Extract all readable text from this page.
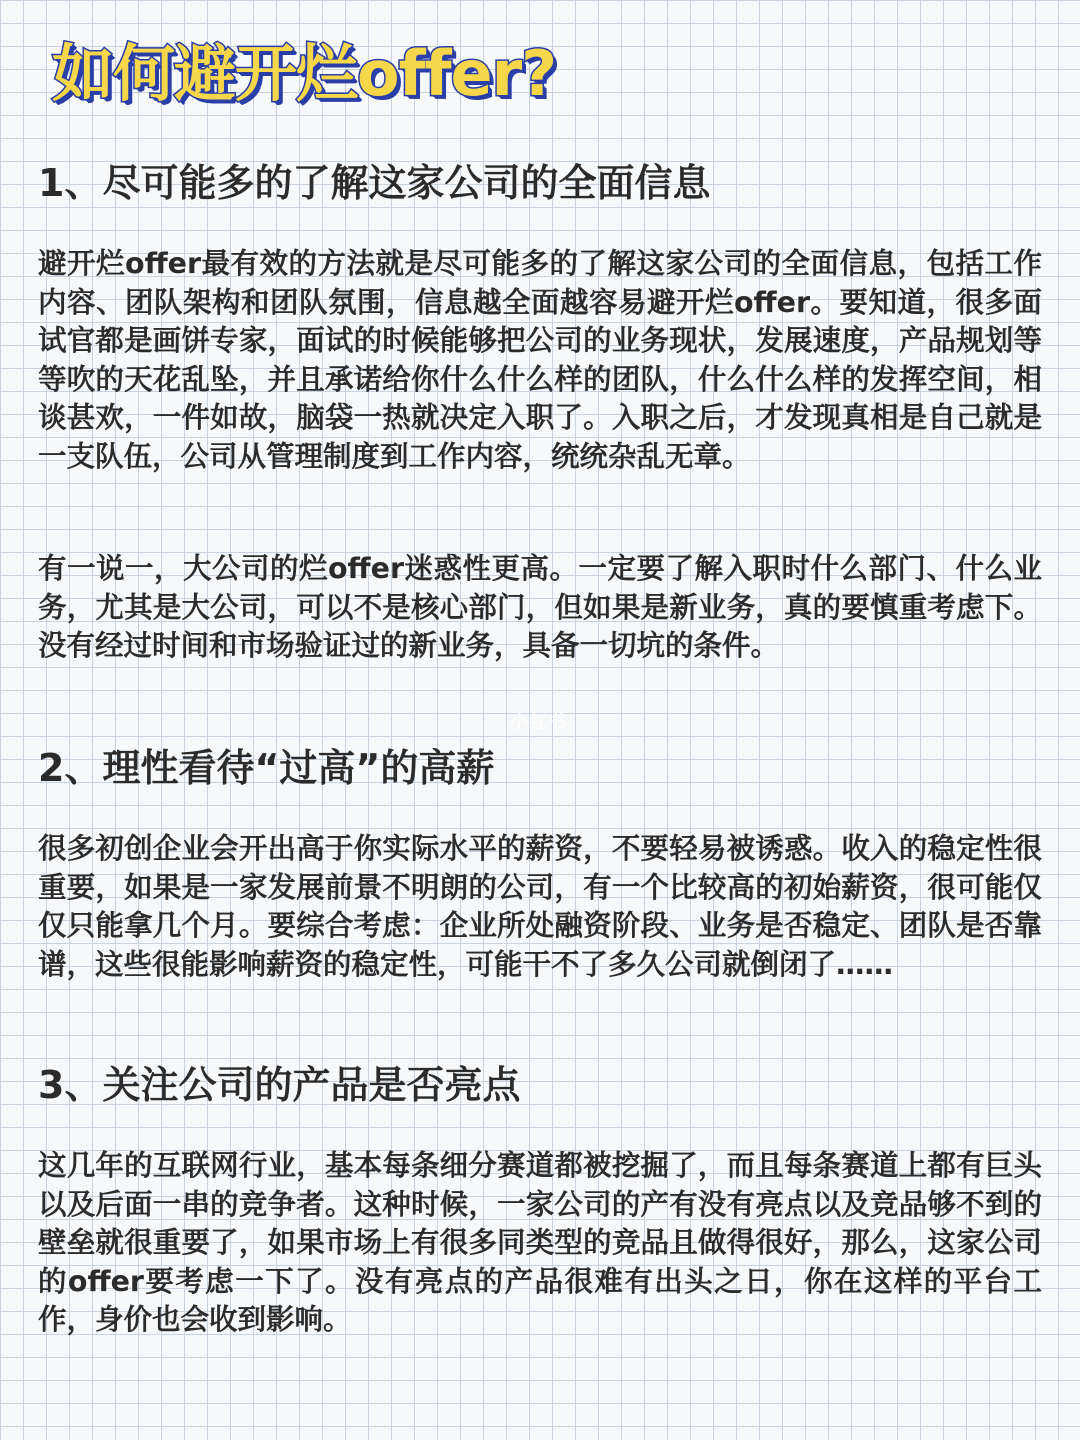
如何避开烂offer?
1、尽可能多的了解这家公司的全面信息

避开烂offer最有效的方法就是尽可能多的了解这家公司的全面信息，包括工作内容、团队架构和团队氛围，信息越全面越容易避开烂offer。要知道，很多面试官都是画饼专家，面试的时候能够把公司的业务现状，发展速度，产品规划等等吹的天花乱坠，并且承诺给你什么什么样的团队，什么什么样的发挥空间，相谈甚欢，一件如故，脑袋一热就决定入职了。入职之后，才发现真相是自己就是一支队伍，公司从管理制度到工作内容，统统杂乱无章。

有一说一，大公司的烂offer迷惑性更高。一定要了解入职时什么部门、什么业务，尤其是大公司，可以不是核心部门，但如果是新业务，真的要慎重考虑下。没有经过时间和市场验证过的新业务，具备一切坑的条件。

小红书
2、理性看待“过高”的高薪

很多初创企业会开出高于你实际水平的薪资，不要轻易被诱惑。收入的稳定性很重要，如果是一家发展前景不明朗的公司，有一个比较高的初始薪资，很可能仅仅只能拿几个月。要综合考虑：企业所处融资阶段、业务是否稳定、团队是否靠谱，这些很能影响薪资的稳定性，可能干不了多久公司就倒闭了……

3、关注公司的产品是否亮点

这几年的互联网行业，基本每条细分赛道都被挖掘了，而且每条赛道上都有巨头以及后面一串的竞争者。这种时候，一家公司的产有没有亮点以及竞品够不到的壁垒就很重要了，如果市场上有很多同类型的竞品且做得很好，那么，这家公司的offer要考虑一下了。没有亮点的产品很难有出头之日，你在这样的平台工作，身价也会收到影响。
